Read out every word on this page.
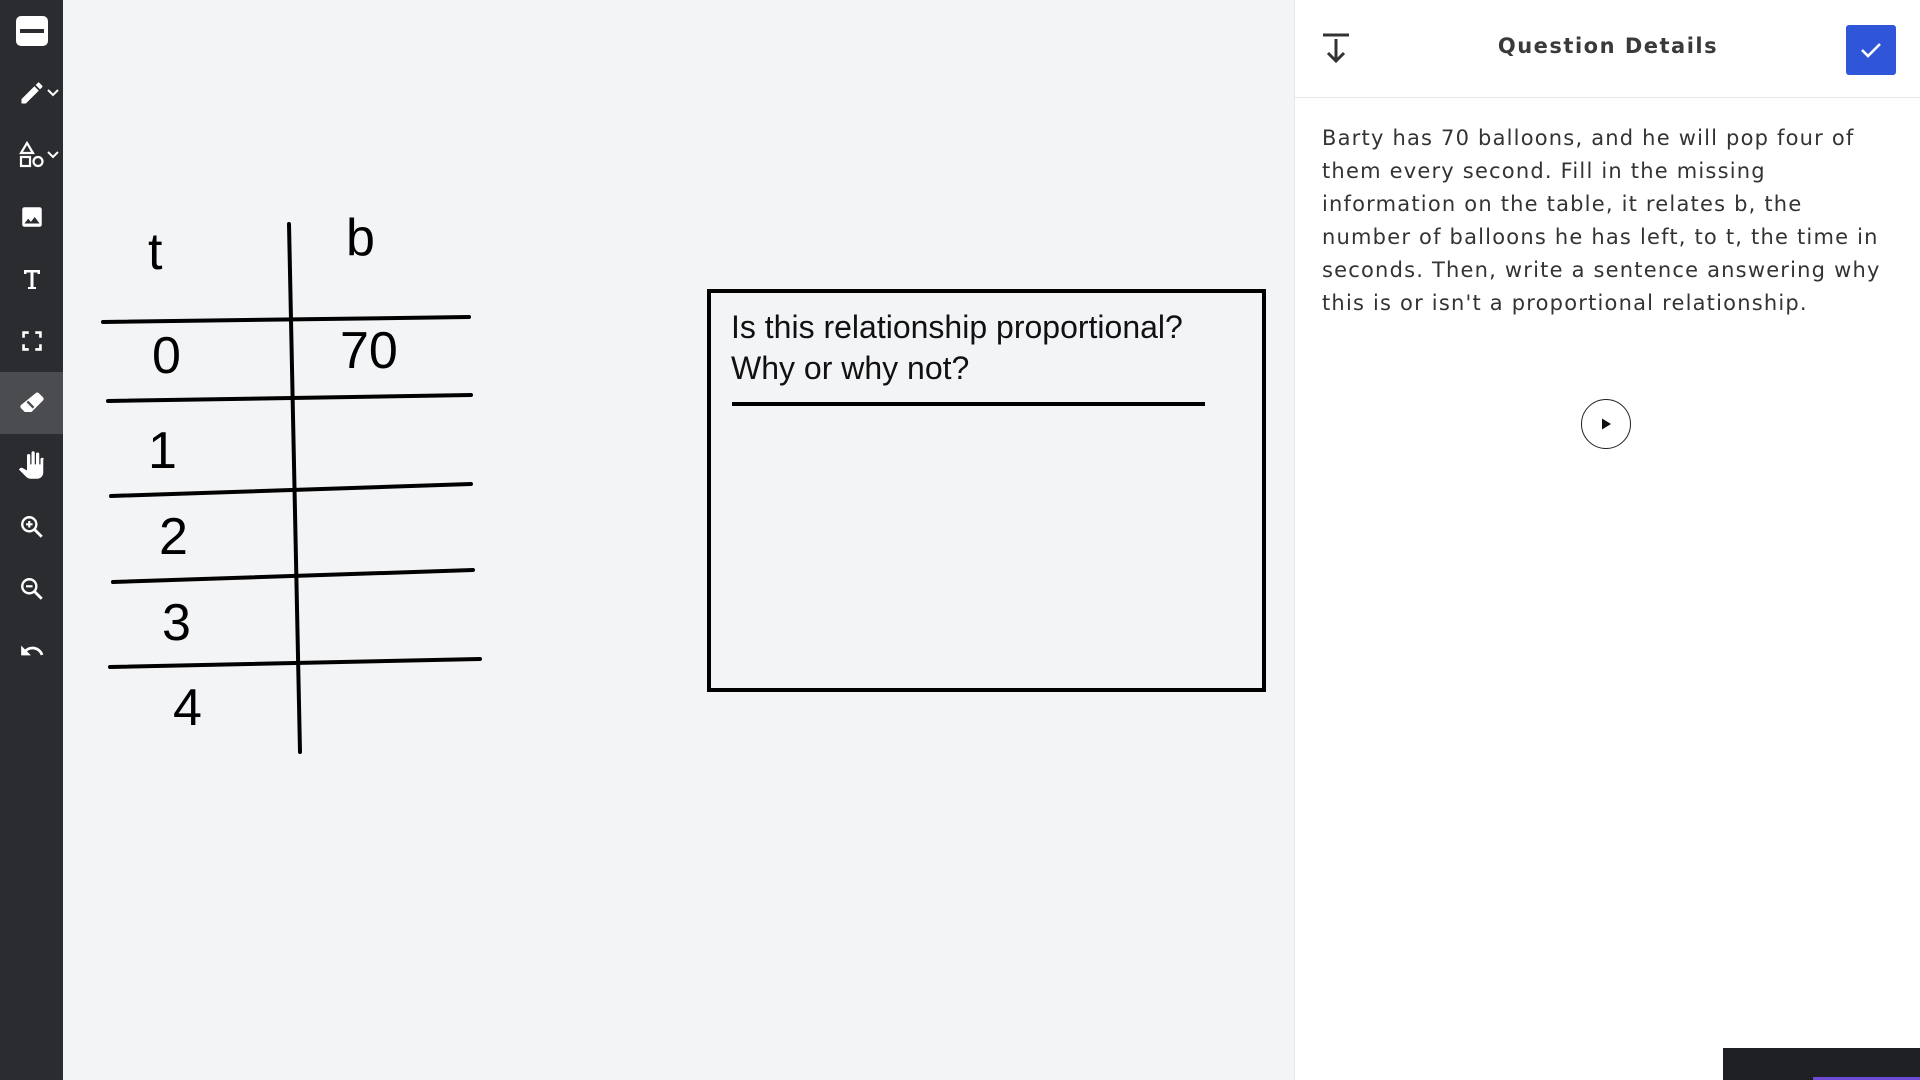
t	b
0	70
1
2
3
4
Is this relationship proportional?
Why or why not?
Question Details
Barty has 70 balloons, and he will pop four of them every second. Fill in the missing information on the table, it relates b, the number of balloons he has left, to t, the time in seconds. Then, write a sentence answering why this is or isn't a proportional relationship.
